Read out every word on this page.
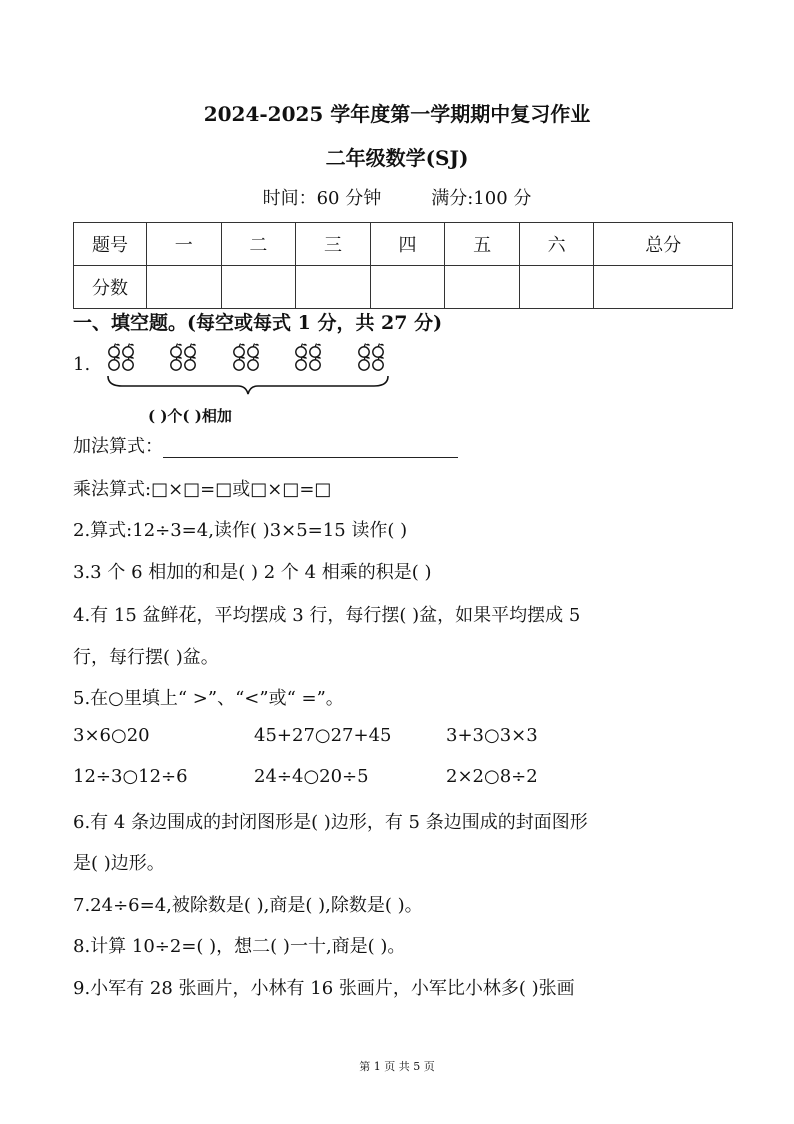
2024-2025 学年度第一学期期中复习作业
二年级数学(SJ)
时间：60 分钟	满分:100 分
题号	一	二	三	四	五	六	总分
分数							
一、填空题。(每空或每式 1 分，共 27 分)
1.
( )个( )相加
加法算式：
乘法算式:□×□=□或□×□=□
2.算式:12÷3=4,读作( )3×5=15 读作( )
3.3 个 6 相加的和是( ) 2 个 4 相乘的积是( )
4.有 15 盆鲜花，平均摆成 3 行，每行摆( )盆，如果平均摆成 5
行，每行摆( )盆。
5.在○里填上“ >”、“<”或“ =”。
3×6○20	45+27○27+45	3+3○3×3
12÷3○12÷6	24÷4○20÷5	2×2○8÷2
6.有 4 条边围成的封闭图形是( )边形，有 5 条边围成的封面图形
是( )边形。
7.24÷6=4,被除数是( ),商是( ),除数是( )。
8.计算 10÷2=( )，想二( )一十,商是( )。
9.小军有 28 张画片，小林有 16 张画片，小军比小林多( )张画
第 1 页 共 5 页
